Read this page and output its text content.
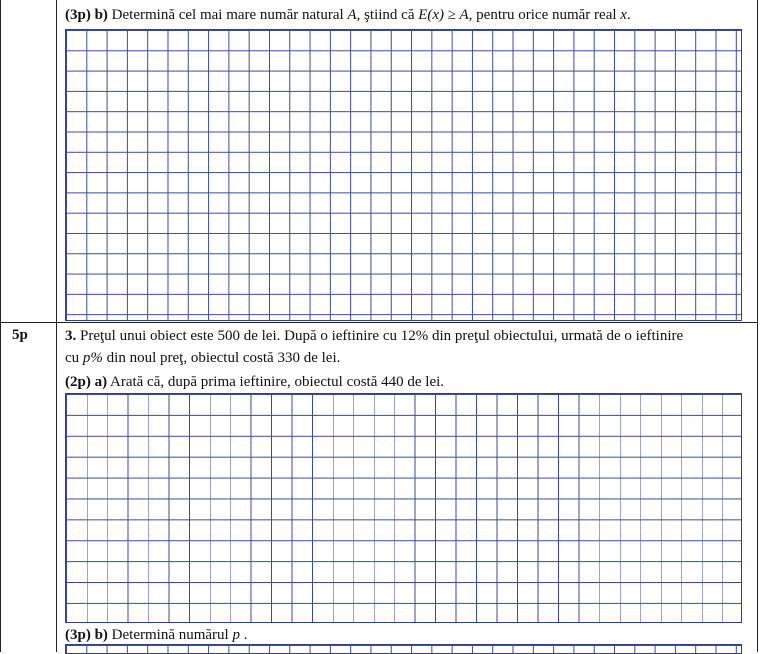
(3p) b) Determină cel mai mare număr natural A, ştiind că E(x) ≥ A, pentru orice număr real x.
5p 3. Preţul unui obiect este 500 de lei. După o ieftinire cu 12% din preţul obiectului, urmată de o ieftinire
cu p% din noul preţ, obiectul costă 330 de lei.
(2p) a) Arată că, după prima ieftinire, obiectul costă 440 de lei.
(3p) b) Determină numărul p .
